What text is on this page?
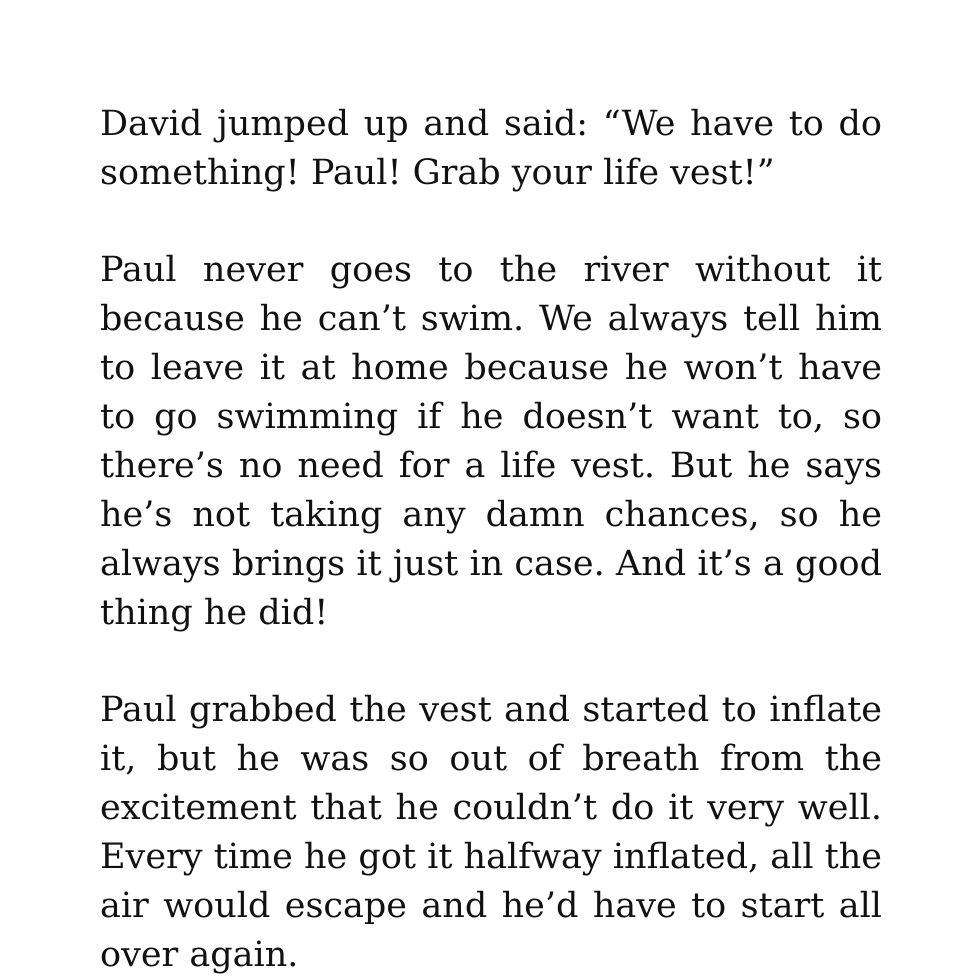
David jumped up and said: “We have to do something! Paul! Grab your life vest!”

Paul never goes to the river without it because he can’t swim. We always tell him to leave it at home because he won’t have to go swimming if he doesn’t want to, so there’s no need for a life vest. But he says he’s not taking any damn chances, so he always brings it just in case. And it’s a good thing he did!

Paul grabbed the vest and started to inflate it, but he was so out of breath from the excitement that he couldn’t do it very well. Every time he got it halfway inflated, all the air would escape and he’d have to start all over again.
